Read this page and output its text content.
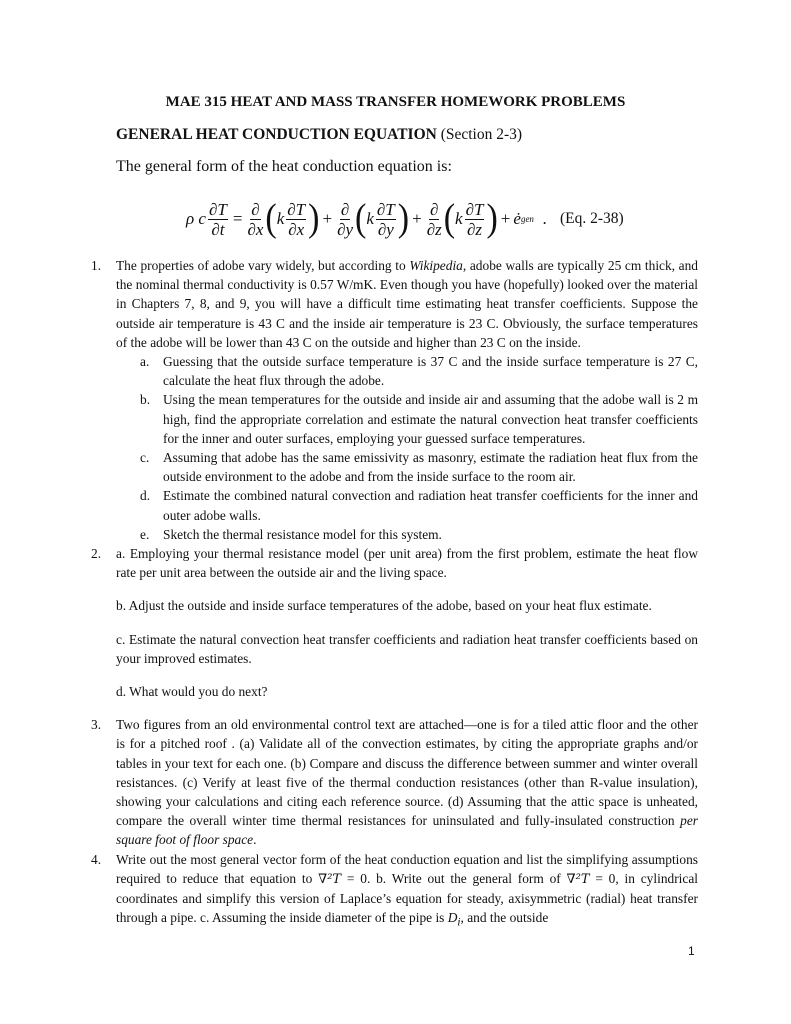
MAE 315 HEAT AND MASS TRANSFER HOMEWORK PROBLEMS
GENERAL HEAT CONDUCTION EQUATION (Section 2-3)
The general form of the heat conduction equation is:
ρ
c $\frac{\partial T}{\partial t} = \frac{\partial}{\partial x}$ ( k $\frac{\partial T}{\partial x}$ ) + $\frac{\partial}{\partial y}$ ( k $\frac{\partial T}{\partial y}$ ) + $\frac{\partial}{\partial z}$ ( k $\frac{\partial T}{\partial z}$ ) + ė gen . (Eq. 2-38)
1. The properties of adobe vary widely, but according to Wikipedia, adobe walls are typically 25 cm thick, and the nominal thermal conductivity is 0.57 W/mK. Even though you have (hopefully) looked over the material in Chapters 7, 8, and 9, you will have a difficult time estimating heat transfer coefficients. Suppose the outside air temperature is 43 C and the inside air temperature is 23 C. Obviously, the surface temperatures of the adobe will be lower than 43 C on the outside and higher than 23 C on the inside.
a. Guessing that the outside surface temperature is 37 C and the inside surface temperature is 27 C, calculate the heat flux through the adobe.
b. Using the mean temperatures for the outside and inside air and assuming that the adobe wall is 2 m high, find the appropriate correlation and estimate the natural convection heat transfer coefficients for the inner and outer surfaces, employing your guessed surface temperatures.
c. Assuming that adobe has the same emissivity as masonry, estimate the radiation heat flux from the outside environment to the adobe and from the inside surface to the room air.
d. Estimate the combined natural convection and radiation heat transfer coefficients for the inner and outer adobe walls.
e. Sketch the thermal resistance model for this system.
2. a. Employing your thermal resistance model (per unit area) from the first problem, estimate the heat flow rate per unit area between the outside air and the living space.
b. Adjust the outside and inside surface temperatures of the adobe, based on your heat flux estimate.
c. Estimate the natural convection heat transfer coefficients and radiation heat transfer coefficients based on your improved estimates.
d. What would you do next?
3. Two figures from an old environmental control text are attached—one is for a tiled attic floor and the other is for a pitched roof . (a) Validate all of the convection estimates, by citing the appropriate graphs and/or tables in your text for each one. (b) Compare and discuss the difference between summer and winter overall resistances. (c) Verify at least five of the thermal conduction resistances (other than R-value insulation), showing your calculations and citing each reference source. (d) Assuming that the attic space is unheated, compare the overall winter time thermal resistances for uninsulated and fully-insulated construction per square foot of floor space.
4. Write out the most general vector form of the heat conduction equation and list the simplifying assumptions required to reduce that equation to ∇²T = 0. b. Write out the general form of ∇²T = 0, in cylindrical coordinates and simplify this version of Laplace’s equation for steady, axisymmetric (radial) heat transfer through a pipe. c. Assuming the inside diameter of the pipe is $D_i$, and the outside
1
